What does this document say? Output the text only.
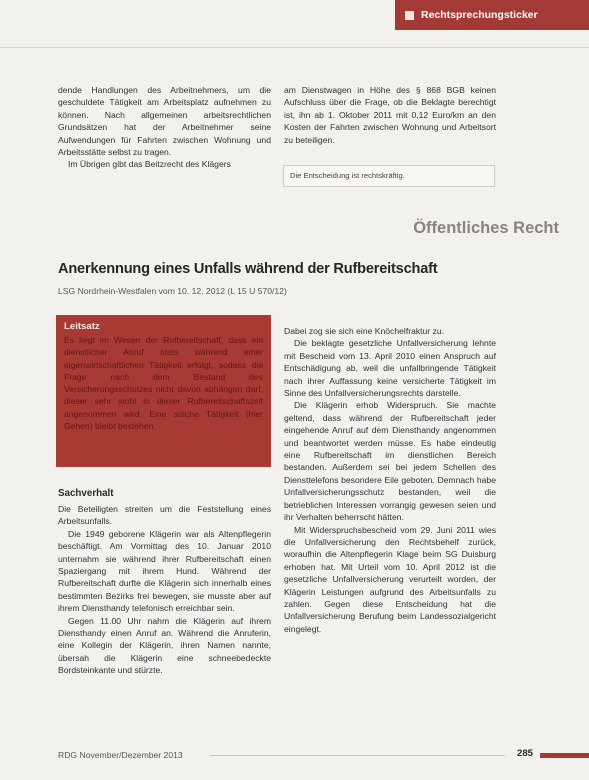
Rechtsprechungsticker

dende Handlungen des Arbeitnehmers, um die geschuldete Tätigkeit am Arbeitsplatz aufnehmen zu können. Nach allgemeinen arbeitsrechtlichen Grundsätzen hat der Arbeitnehmer seine Aufwendungen für Fahrten zwischen Wohnung und Arbeitsstätte selbst zu tragen.

Im Übrigen gibt das Beitzrecht des Klägers

am Dienstwagen in Höhe des § 868 BGB keinen Aufschluss über die Frage, ob die Beklagte berechtigt ist, ihn ab 1. Oktober 2011 mit 0,12 Euro/km an den Kosten der Fahrten zwischen Wohnung und Arbeitsort zu beteiligen.

Die Entscheidung ist rechtskräftig.
Öffentliches Recht
Anerkennung eines Unfalls während der Rufbereitschaft
LSG Nordrhein-Westfalen vom 10. 12. 2012 (L 15 U 570/12)
Leitsatz

Es liegt im Wesen der Rufbereitschaft, dass ein dienstlicher Anruf stets während einer eigenwirtschaftlichen Tätigkeit erfolgt, sodass die Frage nach dem Bestand des Versicherungsschutzes nicht davon abhängen darf, dieser sehr wohl in dieser Rufbereitschaftszeit angenommen wird. Eine solche Tätigkeit (hier Gehen) bleibt bestehen.

Sachverhalt

Die Beteiligten streiten um die Feststellung eines Arbeitsunfalls.

Die 1949 geborene Klägerin war als Altenpflegerin beschäftigt. Am Vormittag des 10. Januar 2010 unternahm sie während ihrer Rufbereitschaft einen Spaziergang mit ihrem Hund. Während der Rufbereitschaft durfte die Klägerin sich innerhalb eines bestimmten Bezirks frei bewegen, sie musste aber auf ihrem Diensthandy telefonisch erreichbar sein.

Gegen 11.00 Uhr nahm die Klägerin auf ihrem Diensthandy einen Anruf an. Während die Anruferin, eine Kollegin der Klägerin, ihren Namen nannte, übersah die Klägerin eine schneebedeckte Bordsteinkante und stürzte.

Dabei zog sie sich eine Knöchelfraktur zu.

Die beklagte gesetzliche Unfallversicherung lehnte mit Bescheid vom 13. April 2010 einen Anspruch auf Entschädigung ab, weil die unfallbringende Tätigkeit nach ihrer Auffassung keine versicherte Tätigkeit im Sinne des Unfallversicherungsrechts darstelle.

Die Klägerin erhob Widerspruch. Sie machte geltend, dass während der Rufbereitschaft jeder eingehende Anruf auf dem Diensthandy angenommen und beantwortet werden müsse. Es habe eindeutig eine Rufbereitschaft im dienstlichen Bereich bestanden. Außerdem sei bei jedem Schellen des Diensttelefons besondere Eile geboten. Demnach habe Unfallversicherungsschutz bestanden, weil die betrieblichen Interessen vorrangig gewesen seien und ihr Verhalten beherrscht hätten.

Mit Widerspruchsbescheid vom 29. Juni 2011 wies die Unfallversicherung den Rechtsbehelf zurück, woraufhin die Altenpflegerin Klage beim SG Duisburg erhoben hat. Mit Urteil vom 10. April 2012 ist die gesetzliche Unfallversicherung verurteilt worden, der Klägerin Leistungen aufgrund des Arbeitsunfalls zu zahlen. Gegen diese Entscheidung hat die Unfallversicherung Berufung beim Landessozialgericht eingelegt.

RDG November/Dezember 2013	285
